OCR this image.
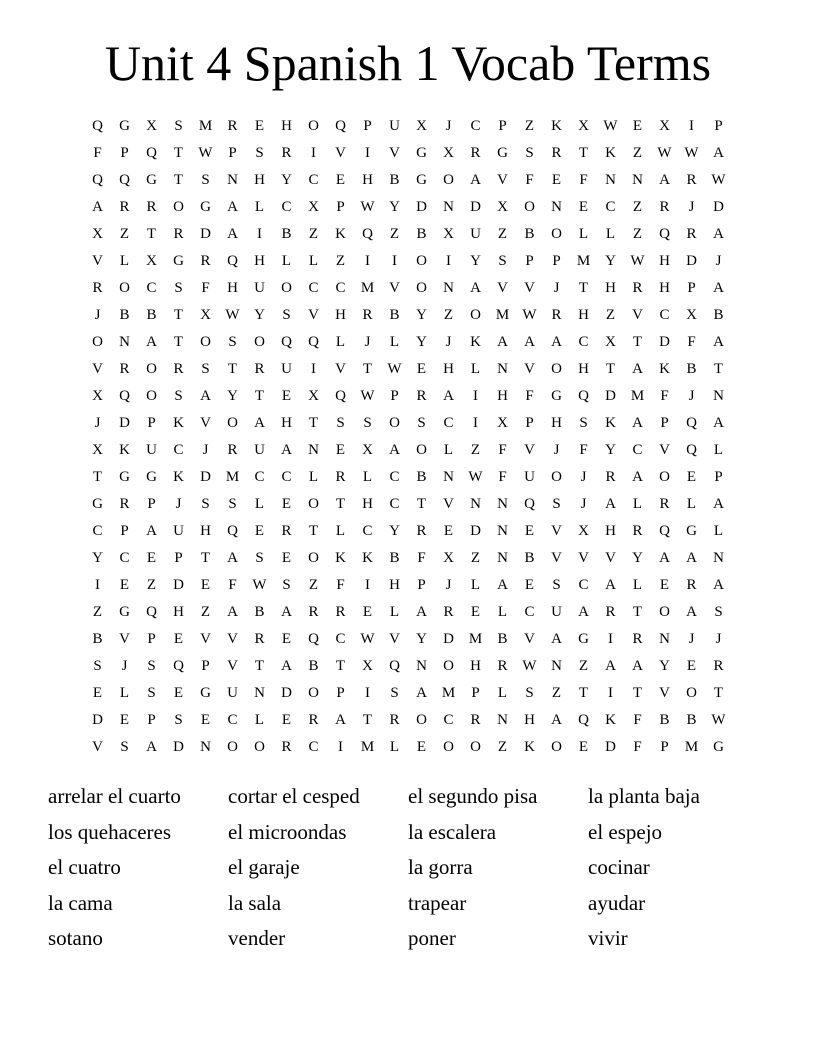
Unit 4 Spanish 1 Vocab Terms
Q	G	X	S	M	R	E	H	O	Q	P	U	X	J	C	P	Z	K	X W	E	X	I	P
F	P	Q	T	W	P	S	R	I	V	I	V	G	X	R	G	S	R	T	K	Z	W W A
Q	Q	G	T	S	N	H	Y	C	E	H	B	G	O	A	V	F	E	F	N	N	A	R W
A	R	R	O	G	A	L	C	X	P	W Y	D	N	D	X	O	N	E	C	Z	R	J	D
X	Z	T	R	D	A	I	B	Z	K	Q	Z	B	X	U	Z	B	O	L	L	Z	Q	R	A
V	L	X	G	R	Q	H	L	L	Z	I	I	O	I	Y	S	P	P	M Y W H	D	J
R	O	C	S	F	H	U	O	C	C	M V	O	N	A	V	V	J	T	H	R	H	P	A
J	B	B	T	X W Y	S	V	H	R	B	Y	Z	O M W R	H	Z	V	C	X	B
O	N	A	T	O	S	O	Q	Q	L	J	L	Y	J	K	A	A	A	C	X	T	D	F	A
V	R	O	R	S	T	R	U	I	V	T	W	E	H	L	N	V	O	H	T	A	K	B	T
X	Q	O	S	A	Y	T	E	X	Q W	P	R	A	I	H	F	G	Q	D M	F	J	N
J	D	P	K	V	O	A	H	T	S	S	O	S	C	I	X	P	H	S	K	A	P	Q	A
X	K	U	C	J	R	U	A	N	E	X	A	O	L	Z	F	V	J	F	Y	C	V	Q	L
T	G	G	K	D M	C	C	L	R	L	C	B	N W	F	U	O	J	R	A	O	E	P
G	R	P	J	S	S	L	E	O	T	H	C	T	V	N	N	Q	S	J	A	L	R	L	A
C	P	A	U	H	Q	E	R	T	L	C	Y	R	E	D	N	E	V	X	H	R	Q	G	L
Y	C	E	P	T	A	S	E	O	K	K	B	F	X	Z	N	B	V	V	V	Y	A	A	N
I	E	Z	D	E	F	W	S	Z	F	I	H	P	J	L	A	E	S	C	A	L	E	R	A
Z	G	Q	H	Z	A	B	A	R	R	E	L	A	R	E	L	C	U	A	R	T	O	A	S
B	V	P	E	V	V	R	E	Q	C W V	Y	D M	B	V	A	G	I	R	N	J	J
S	J	S	Q	P	V	T	A	B	T	X	Q	N	O	H	R W N	Z	A	A	Y	E	R
E	L	S	E	G	U	N	D	O	P	I	S	A M	P	L	S	Z	T	I	T	V	O	T
D	E	P	S	E	C	L	E	R	A	T	R	O	C	R	N	H	A	Q	K	F	B	B W
V	S	A	D	N	O	O	R	C	I	M	L	E	O	O	Z	K	O	E	D	F	P	M G
arrelar el cuarto	cortar el cesped	el segundo pisa	la planta baja
los quehaceres	el microondas	la escalera	el espejo
el cuatro	el garaje	la gorra	cocinar
la cama	la sala	trapear	ayudar
sotano	vender	poner	vivir
